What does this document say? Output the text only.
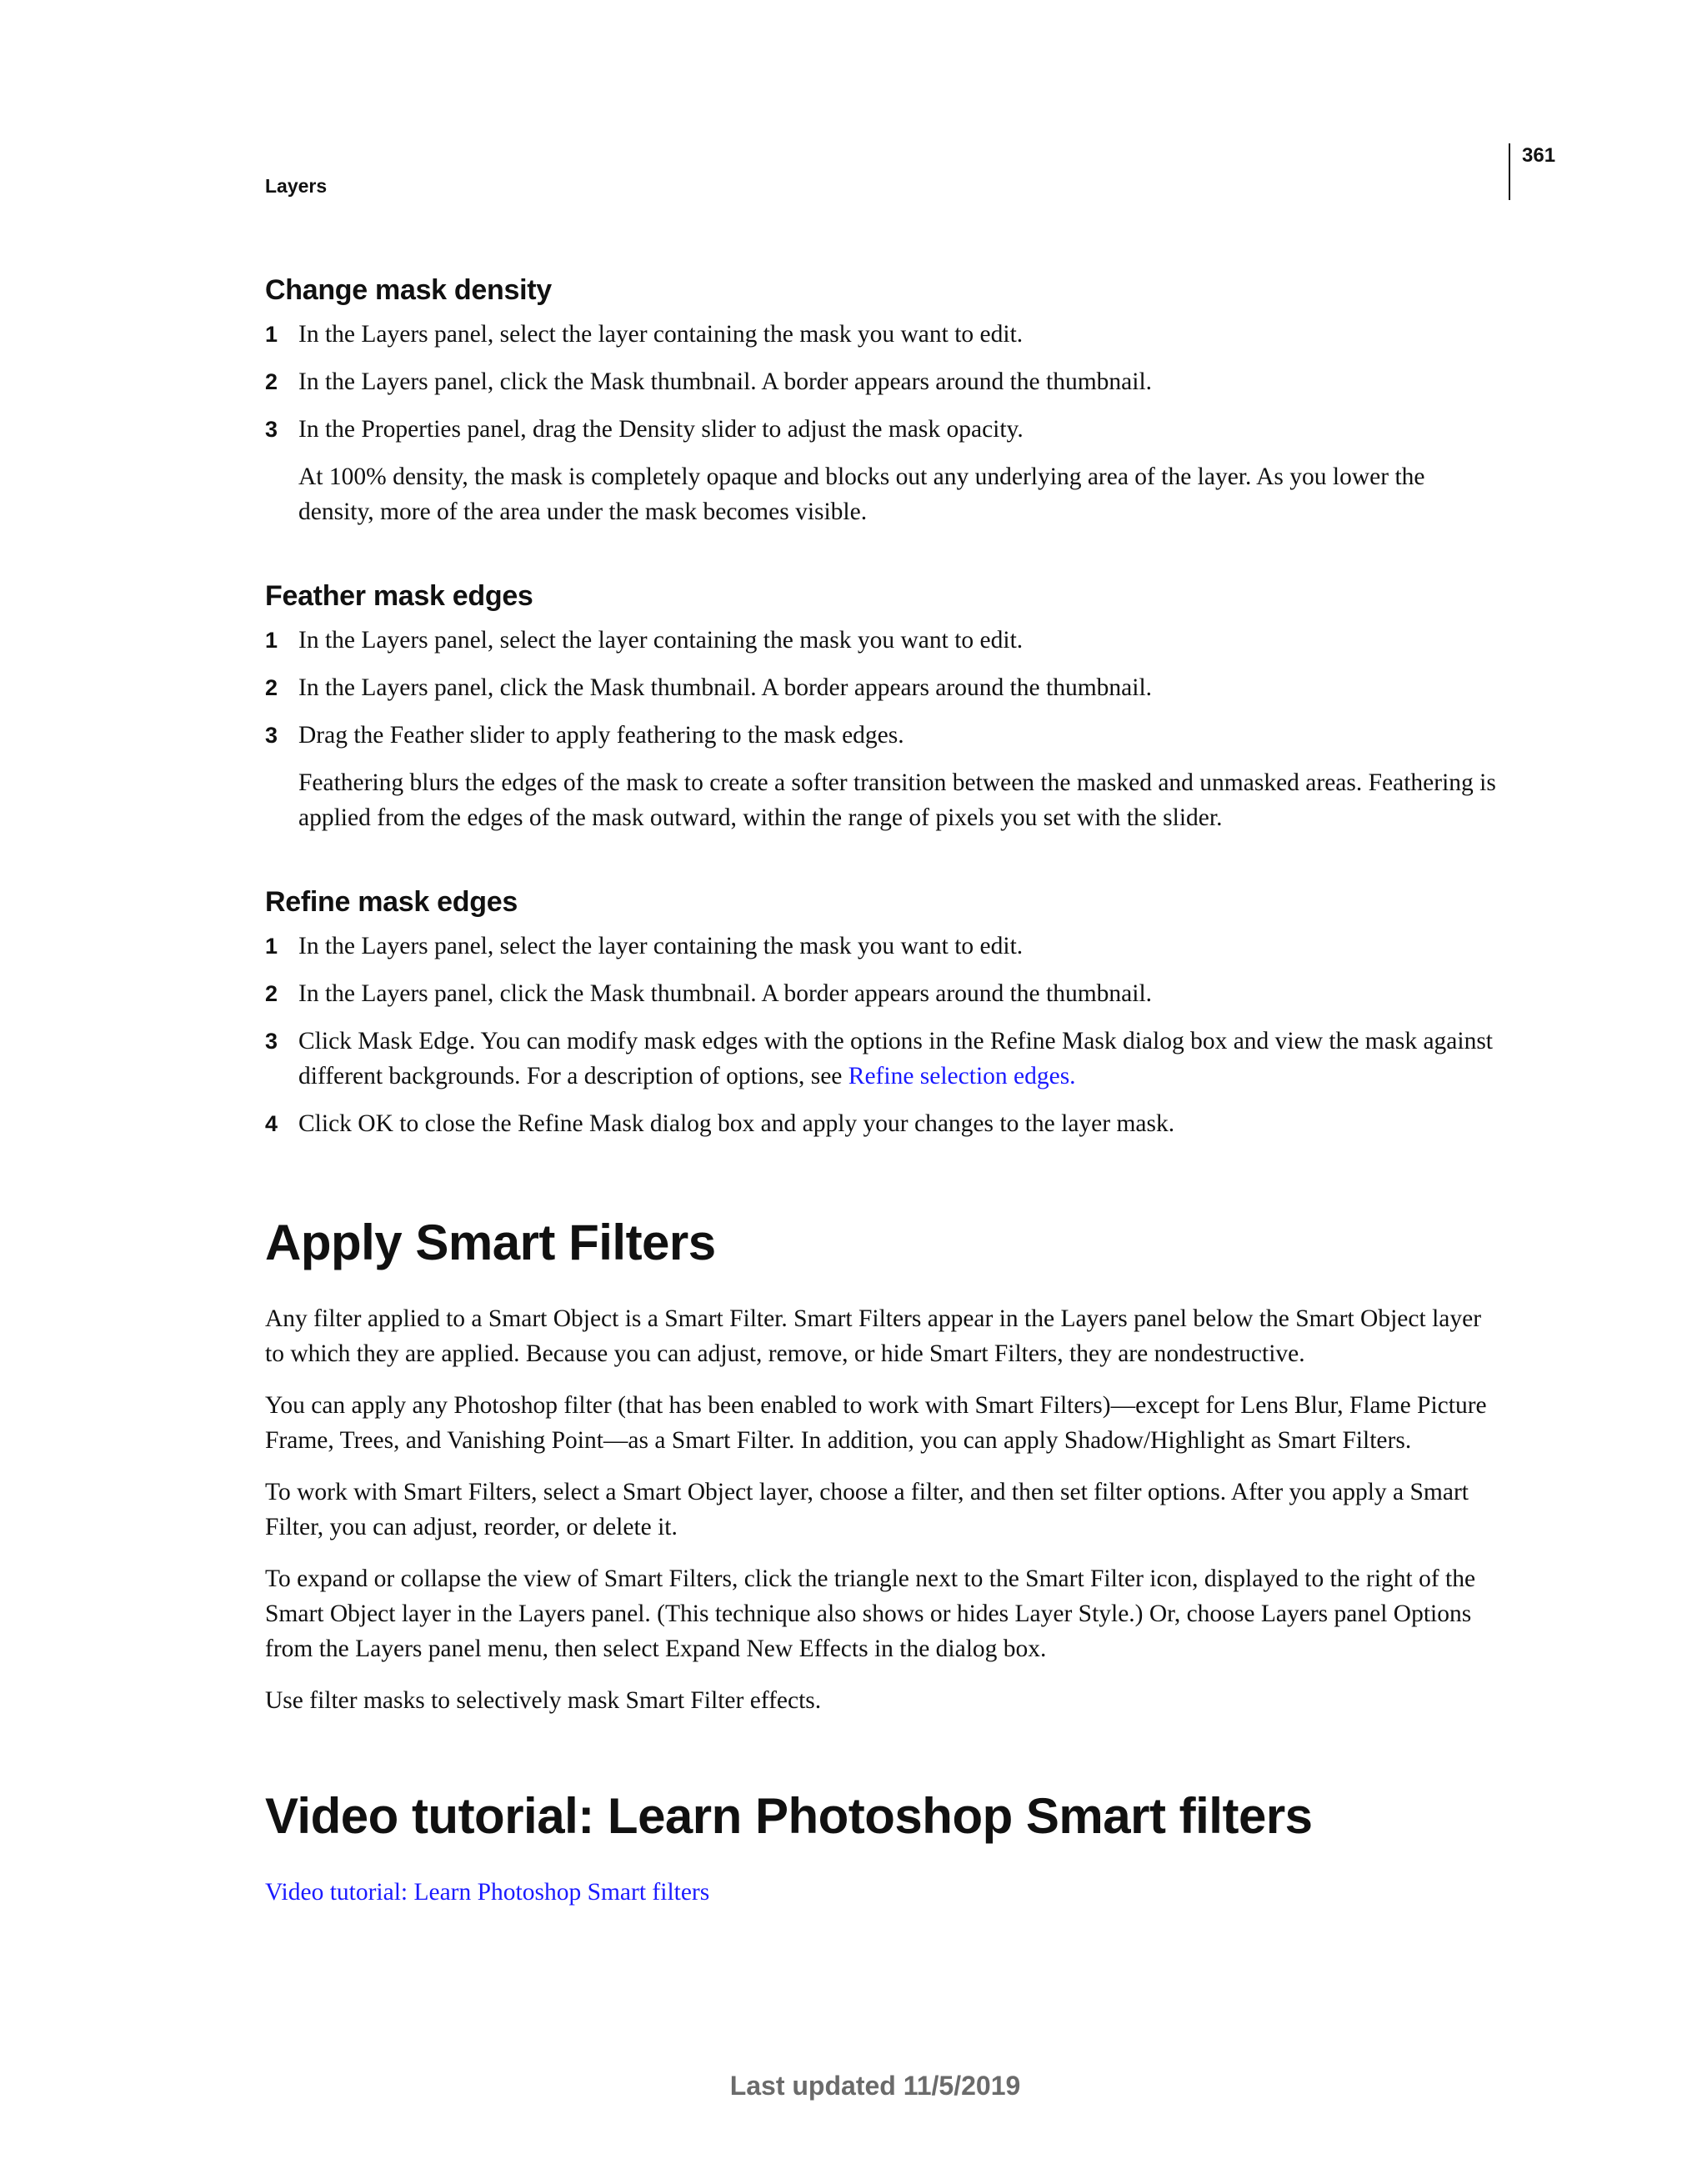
Layers
361
Change mask density
1 In the Layers panel, select the layer containing the mask you want to edit.
2 In the Layers panel, click the Mask thumbnail. A border appears around the thumbnail.
3 In the Properties panel, drag the Density slider to adjust the mask opacity.

At 100% density, the mask is completely opaque and blocks out any underlying area of the layer. As you lower the density, more of the area under the mask becomes visible.

Feather mask edges
1 In the Layers panel, select the layer containing the mask you want to edit.
2 In the Layers panel, click the Mask thumbnail. A border appears around the thumbnail.
3 Drag the Feather slider to apply feathering to the mask edges.

Feathering blurs the edges of the mask to create a softer transition between the masked and unmasked areas. Feathering is applied from the edges of the mask outward, within the range of pixels you set with the slider.

Refine mask edges
1 In the Layers panel, select the layer containing the mask you want to edit.
2 In the Layers panel, click the Mask thumbnail. A border appears around the thumbnail.
3 Click Mask Edge. You can modify mask edges with the options in the Refine Mask dialog box and view the mask against different backgrounds. For a description of options, see Refine selection edges.
4 Click OK to close the Refine Mask dialog box and apply your changes to the layer mask.
Apply Smart Filters

Any filter applied to a Smart Object is a Smart Filter. Smart Filters appear in the Layers panel below the Smart Object layer to which they are applied. Because you can adjust, remove, or hide Smart Filters, they are nondestructive.

You can apply any Photoshop filter (that has been enabled to work with Smart Filters)—except for Lens Blur, Flame Picture Frame, Trees, and Vanishing Point—as a Smart Filter. In addition, you can apply Shadow/Highlight as Smart Filters.

To work with Smart Filters, select a Smart Object layer, choose a filter, and then set filter options. After you apply a Smart Filter, you can adjust, reorder, or delete it.

To expand or collapse the view of Smart Filters, click the triangle next to the Smart Filter icon, displayed to the right of the Smart Object layer in the Layers panel. (This technique also shows or hides Layer Style.) Or, choose Layers panel Options from the Layers panel menu, then select Expand New Effects in the dialog box.

Use filter masks to selectively mask Smart Filter effects.

Video tutorial: Learn Photoshop Smart filters

Video tutorial: Learn Photoshop Smart filters

Last updated 11/5/2019
